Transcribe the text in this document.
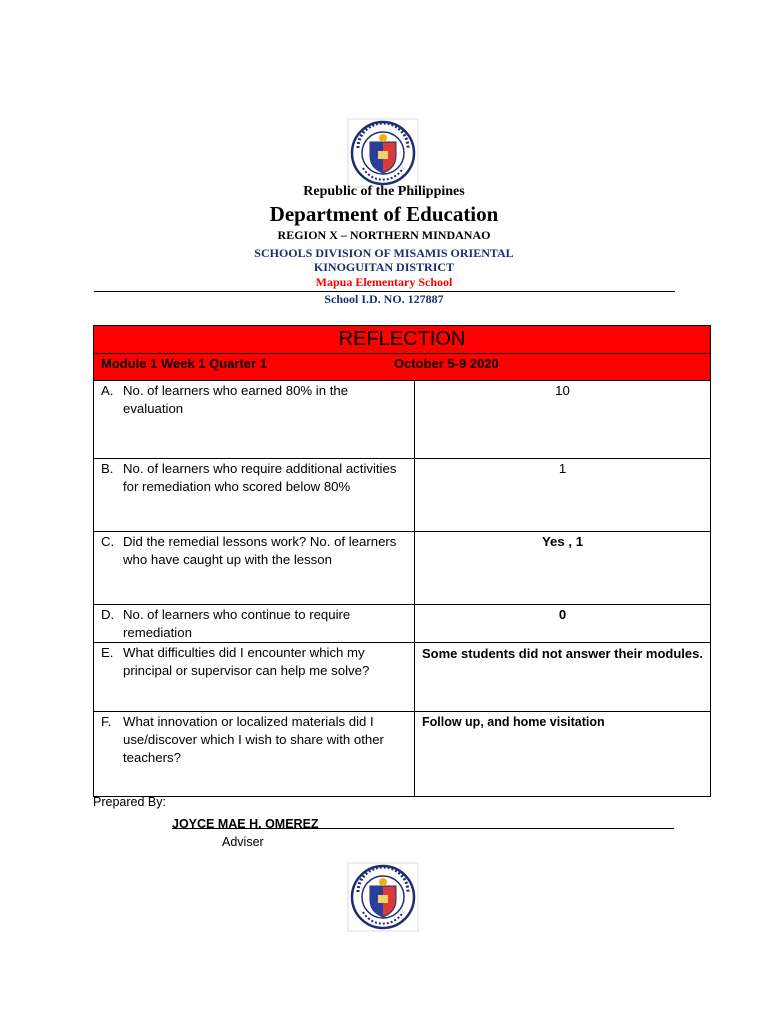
Republic of the Philippines
Department of Education
REGION X – NORTHERN MINDANAO
SCHOOLS DIVISION OF MISAMIS ORIENTAL
KINOGUITAN DISTRICT
Mapua Elementary School
School I.D. NO. 127887
REFLECTION	

Module 1 Week 1 Quarter 1 October 5-9 2020	

A. No. of learners who earned 80% in the evaluation	10

B. No. of learners who require additional activities for remediation who scored below 80%	1

C. Did the remedial lessons work? No. of learners who have caught up with the lesson	Yes , 1

D. No. of learners who continue to require remediation	0

E. What difficulties did I encounter which my principal or supervisor can help me solve?	Some students did not answer their modules.

F. What innovation or localized materials did I use/discover which I wish to share with other teachers?	Follow up, and home visitation
Prepared By:
JOYCE MAE H. OMEREZ
Adviser
